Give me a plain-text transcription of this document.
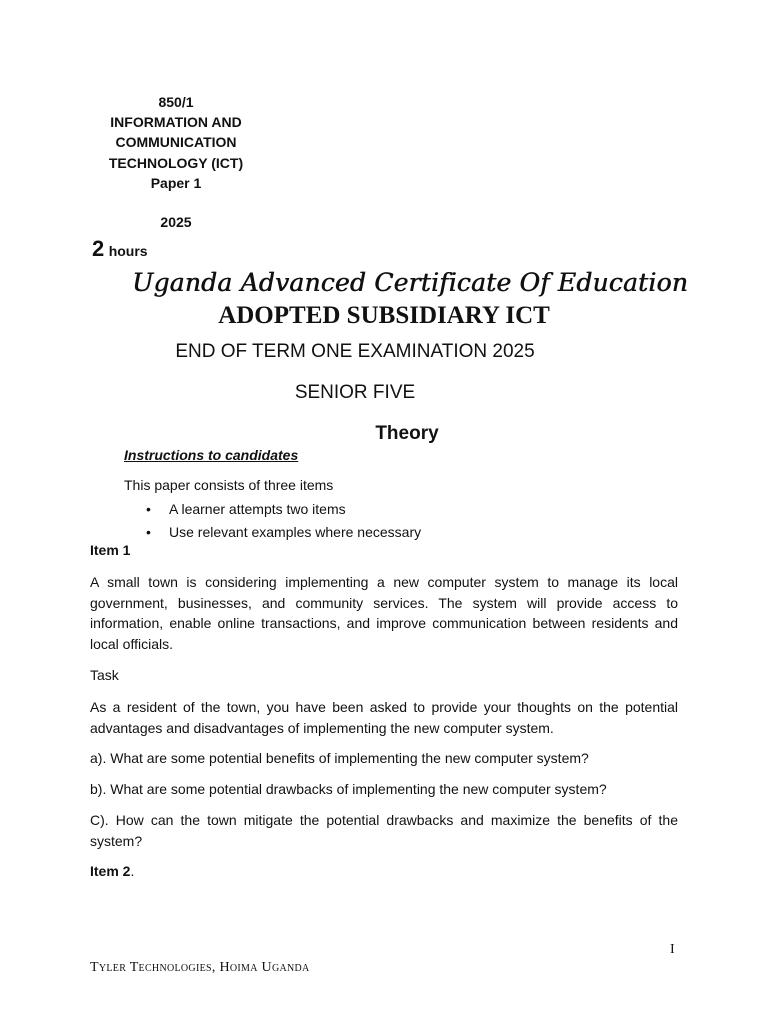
850/1
INFORMATION AND
COMMUNICATION
TECHNOLOGY (ICT)
Paper 1
2025
2 hours
Uganda Advanced Certificate Of Education
ADOPTED SUBSIDIARY ICT
END OF TERM ONE EXAMINATION 2025
SENIOR FIVE
Theory
Instructions to candidates
This paper consists of three items
• A learner attempts two items
• Use relevant examples where necessary
Item 1
A small town is considering implementing a new computer system to manage its local government, businesses, and community services. The system will provide access to information, enable online transactions, and improve communication between residents and local officials.
Task
As a resident of the town, you have been asked to provide your thoughts on the potential advantages and disadvantages of implementing the new computer system.
a). What are some potential benefits of implementing the new computer system?
b). What are some potential drawbacks of implementing the new computer system?
C). How can the town mitigate the potential drawbacks and maximize the benefits of the system?
Item 2.
I
Tyler Technologies, Hoima Uganda
